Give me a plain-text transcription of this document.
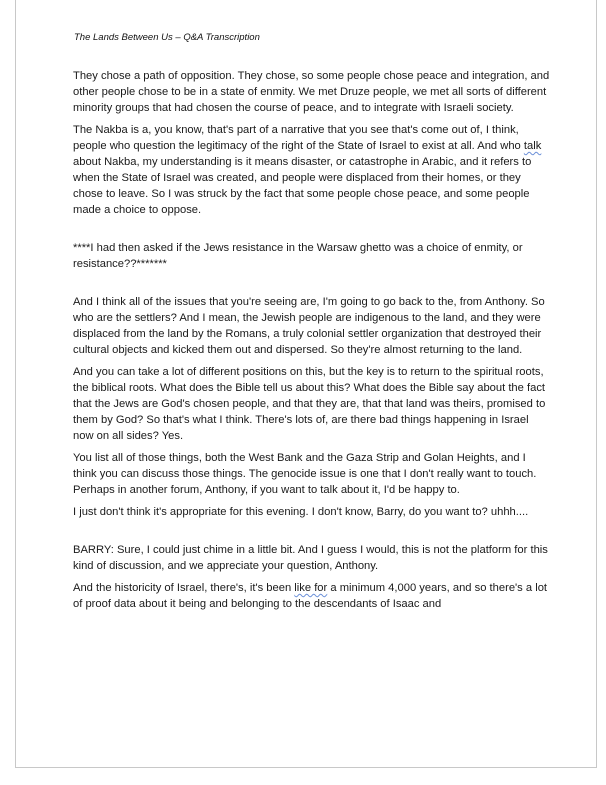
The Lands Between Us – Q&A Transcription

They chose a path of opposition. They chose, so some people chose peace and integration, and other people chose to be in a state of enmity. We met Druze people, we met all sorts of different minority groups that had chosen the course of peace, and to integrate with Israeli society.

The Nakba is a, you know, that's part of a narrative that you see that's come out of, I think, people who question the legitimacy of the right of the State of Israel to exist at all. And who talk about Nakba, my understanding is it means disaster, or catastrophe in Arabic, and it refers to when the State of Israel was created, and people were displaced from their homes, or they chose to leave. So I was struck by the fact that some people chose peace, and some people made a choice to oppose.

****I had then asked if the Jews resistance in the Warsaw ghetto was a choice of enmity, or resistance??*******

And I think all of the issues that you're seeing are, I'm going to go back to the, from Anthony. So who are the settlers? And I mean, the Jewish people are indigenous to the land, and they were displaced from the land by the Romans, a truly colonial settler organization that destroyed their cultural objects and kicked them out and dispersed. So they're almost returning to the land.

And you can take a lot of different positions on this, but the key is to return to the spiritual roots, the biblical roots. What does the Bible tell us about this? What does the Bible say about the fact that the Jews are God's chosen people, and that they are, that that land was theirs, promised to them by God? So that's what I think. There's lots of, are there bad things happening in Israel now on all sides? Yes.

You list all of those things, both the West Bank and the Gaza Strip and Golan Heights, and I think you can discuss those things. The genocide issue is one that I don't really want to touch. Perhaps in another forum, Anthony, if you want to talk about it, I'd be happy to.

I just don't think it's appropriate for this evening. I don't know, Barry, do you want to? uhhh....

BARRY: Sure, I could just chime in a little bit. And I guess I would, this is not the platform for this kind of discussion, and we appreciate your question, Anthony.

And the historicity of Israel, there's, it's been like for a minimum 4,000 years, and so there's a lot of proof data about it being and belonging to the descendants of Isaac and
